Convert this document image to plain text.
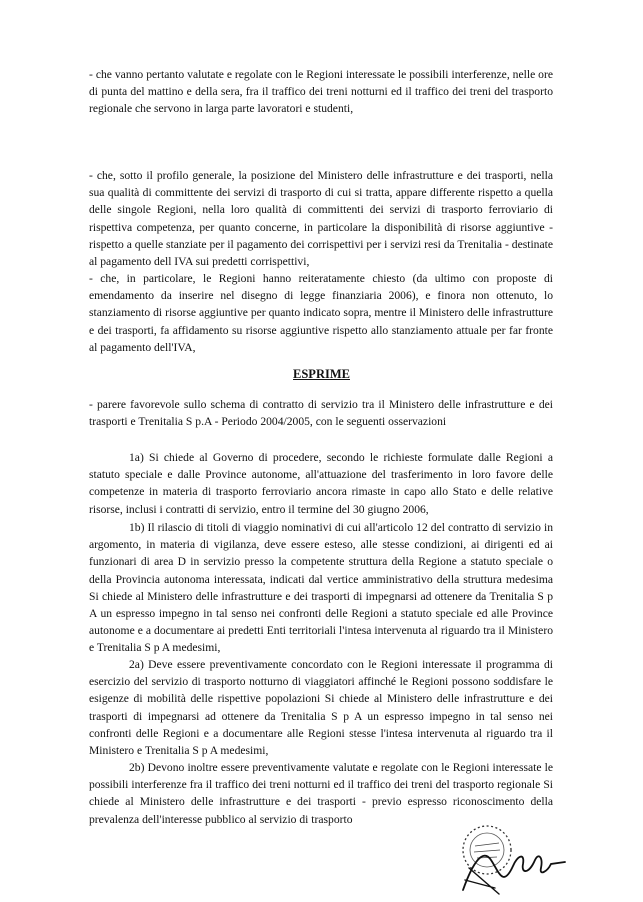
- che vanno pertanto valutate e regolate con le Regioni interessate le possibili interferenze, nelle ore di punta del mattino e della sera, fra il traffico dei treni notturni ed il traffico dei treni del trasporto regionale che servono in larga parte lavoratori e studenti,

- che, sotto il profilo generale, la posizione del Ministero delle infrastrutture e dei trasporti, nella sua qualità di committente dei servizi di trasporto di cui si tratta, appare differente rispetto a quella delle singole Regioni, nella loro qualità di committenti dei servizi di trasporto ferroviario di rispettiva competenza, per quanto concerne, in particolare la disponibilità di risorse aggiuntive - rispetto a quelle stanziate per il pagamento dei corrispettivi per i servizi resi da Trenitalia - destinate al pagamento dell IVA sui predetti corrispettivi,

- che, in particolare, le Regioni hanno reiteratamente chiesto (da ultimo con proposte di emendamento da inserire nel disegno di legge finanziaria 2006), e finora non ottenuto, lo stanziamento di risorse aggiuntive per quanto indicato sopra, mentre il Ministero delle infrastrutture e dei trasporti, fa affidamento su risorse aggiuntive rispetto allo stanziamento attuale per far fronte al pagamento dell'IVA,

ESPRIME

- parere favorevole sullo schema di contratto di servizio tra il Ministero delle infrastrutture e dei trasporti e Trenitalia S p.A - Periodo 2004/2005, con le seguenti osservazioni

1a) Si chiede al Governo di procedere, secondo le richieste formulate dalle Regioni a statuto speciale e dalle Province autonome, all'attuazione del trasferimento in loro favore delle competenze in materia di trasporto ferroviario ancora rimaste in capo allo Stato e delle relative risorse, inclusi i contratti di servizio, entro il termine del 30 giugno 2006,

1b) Il rilascio di titoli di viaggio nominativi di cui all'articolo 12 del contratto di servizio in argomento, in materia di vigilanza, deve essere esteso, alle stesse condizioni, ai dirigenti ed ai funzionari di area D in servizio presso la competente struttura della Regione a statuto speciale o della Provincia autonoma interessata, indicati dal vertice amministrativo della struttura medesima Si chiede al Ministero delle infrastrutture e dei trasporti di impegnarsi ad ottenere da Trenitalia S p A un espresso impegno in tal senso nei confronti delle Regioni a statuto speciale ed alle Province autonome e a documentare ai predetti Enti territoriali l'intesa intervenuta al riguardo tra il Ministero e Trenitalia S p A medesimi,

2a) Deve essere preventivamente concordato con le Regioni interessate il programma di esercizio del servizio di trasporto notturno di viaggiatori affinché le Regioni possono soddisfare le esigenze di mobilità delle rispettive popolazioni Si chiede al Ministero delle infrastrutture e dei trasporti di impegnarsi ad ottenere da Trenitalia S p A un espresso impegno in tal senso nei confronti delle Regioni e a documentare alle Regioni stesse l'intesa intervenuta al riguardo tra il Ministero e Trenitalia S p A medesimi,

2b) Devono inoltre essere preventivamente valutate e regolate con le Regioni interessate le possibili interferenze fra il traffico dei treni notturni ed il traffico dei treni del trasporto regionale Si chiede al Ministero delle infrastrutture e dei trasporti - previo espresso riconoscimento della prevalenza dell'interesse pubblico al servizio di trasporto
